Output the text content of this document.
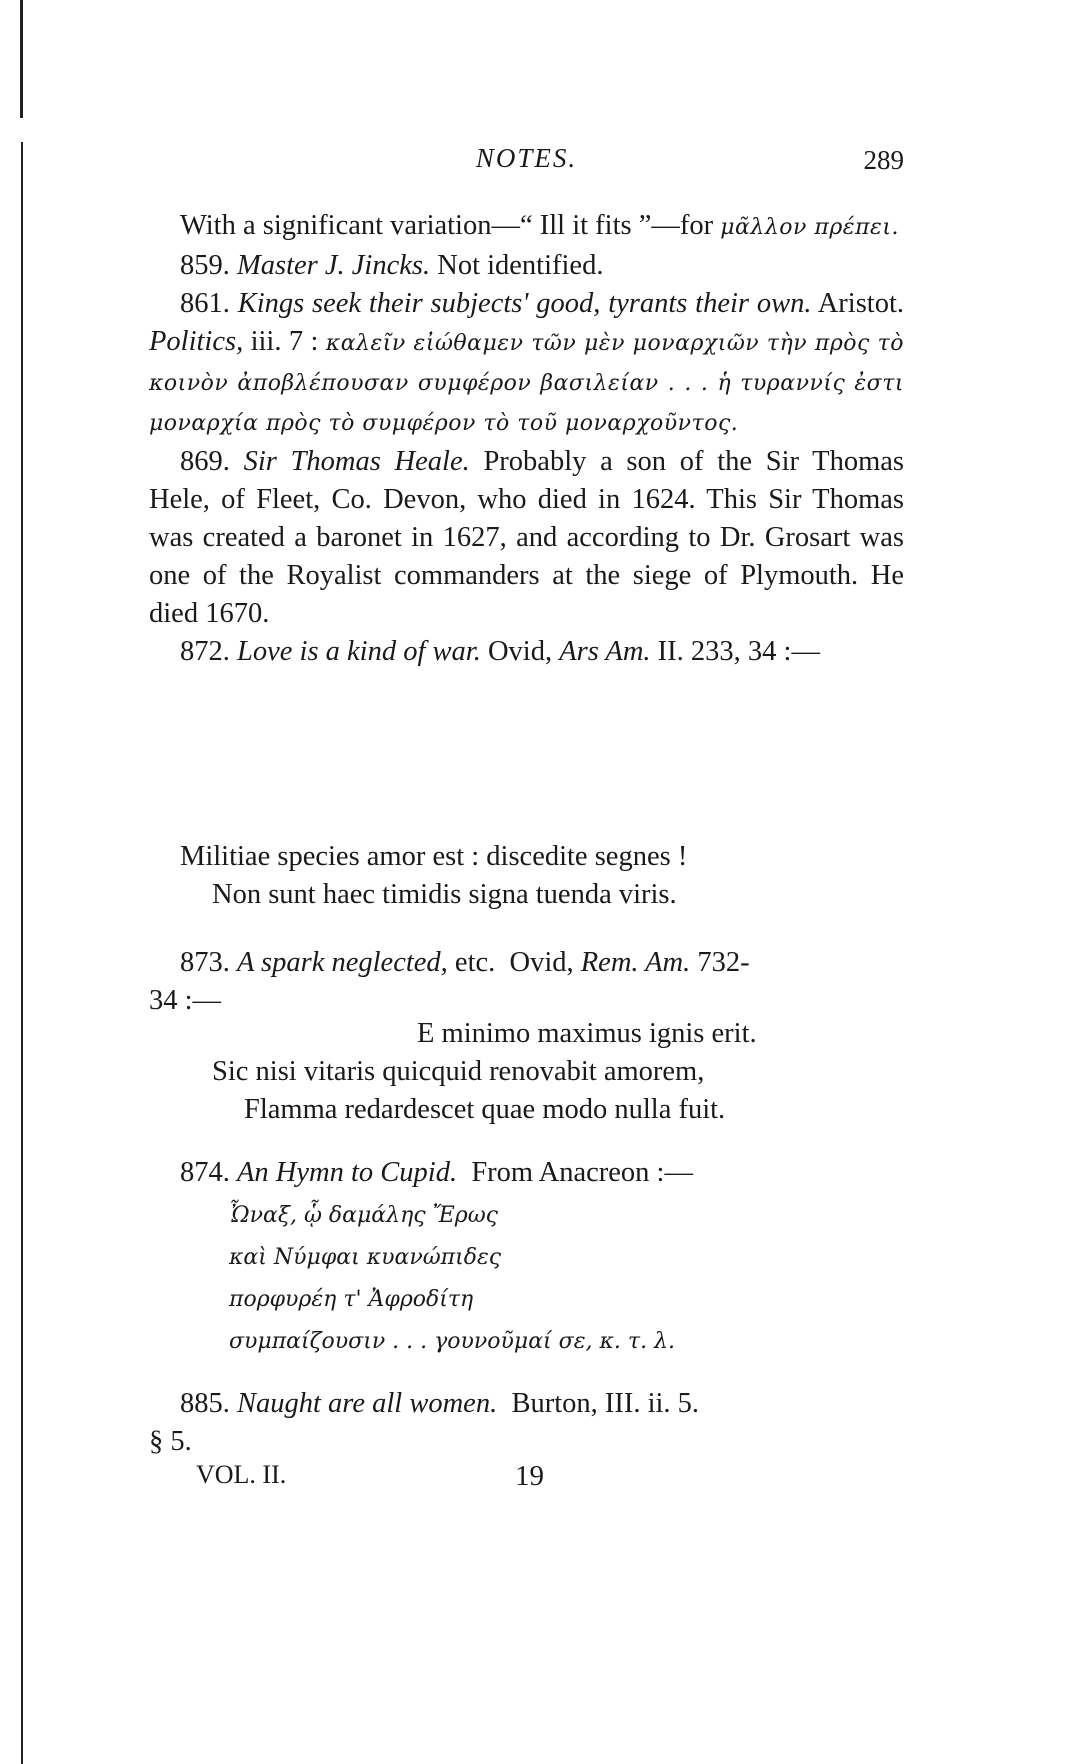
NOTES.	289

With a significant variation—“ Ill it fits ”—for μᾶλλον πρέπει.

859. Master J. Jincks. Not identified.

861. Kings seek their subjects' good, tyrants their own. Aristot. Politics, iii. 7 : καλεῖν εἰώθαμεν τῶν μὲν μοναρχιῶν τὴν πρὸς τὸ κοινὸν ἀποβλέπουσαν συμφέρον βασιλείαν . . . ἡ τυραννίς ἐστι μοναρχία πρὸς τὸ συμφέρον τὸ τοῦ μοναρχοῦντος.

869. Sir Thomas Heale. Probably a son of the Sir Thomas Hele, of Fleet, Co. Devon, who died in 1624. This Sir Thomas was created a baronet in 1627, and according to Dr. Grosart was one of the Royalist commanders at the siege of Plymouth. He died 1670.

872. Love is a kind of war. Ovid, Ars Am. II. 233, 34 :—

Militiae species amor est : discedite segnes !
Non sunt haec timidis signa tuenda viris.

873. A spark neglected, etc. Ovid, Rem. Am. 732-

34 :—

E minimo maximus ignis erit.
Sic nisi vitaris quicquid renovabit amorem,
Flamma redardescet quae modo nulla fuit.

874. An Hymn to Cupid. From Anacreon :—

Ὦναξ, ᾧ δαμάλης Ἔρως
καὶ Νύμφαι κυανώπιδες
πορφυρέη τ' Ἀφροδίτη
συμπαίζουσιν . . . γουνοῦμαί σε, κ. τ. λ.

885. Naught are all women. Burton, III. ii. 5.

§ 5.

VOL. II.	19
